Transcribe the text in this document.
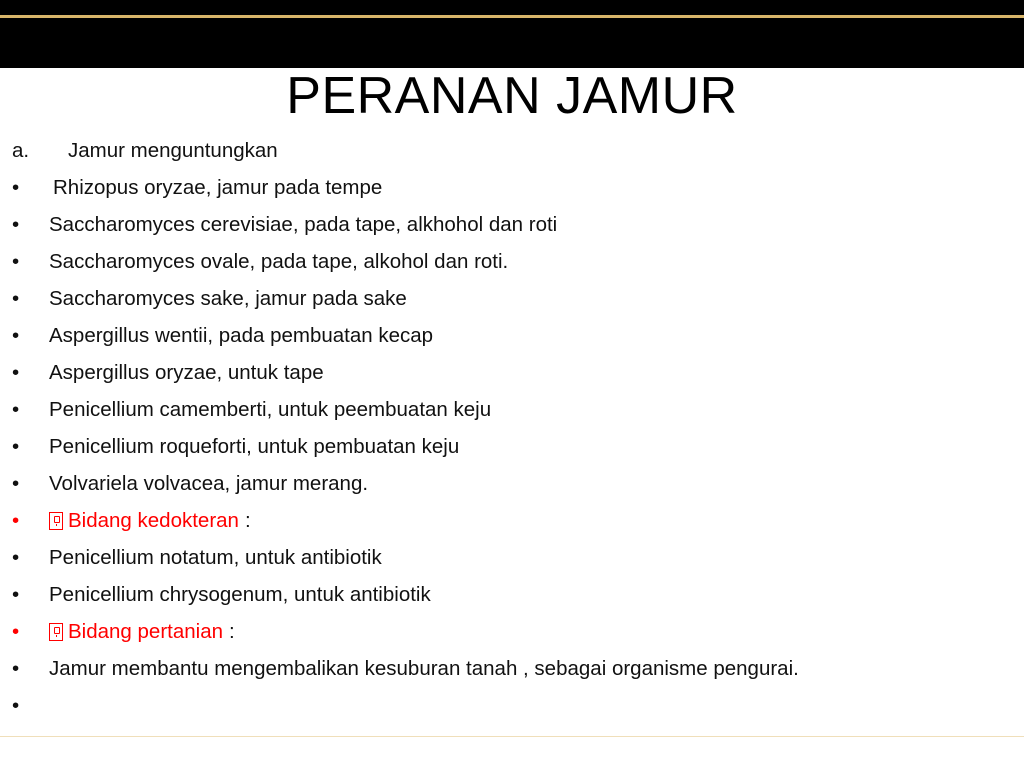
PERANAN JAMUR
a.	Jamur menguntungkan
•	Rhizopus oryzae, jamur pada tempe
•	Saccharomyces cerevisiae, pada tape, alkhohol dan roti
•	Saccharomyces ovale, pada tape, alkohol dan roti.
•	Saccharomyces sake, jamur pada sake
•	Aspergillus wentii, pada pembuatan kecap
•	Aspergillus oryzae, untuk tape
•	Penicellium camemberti, untuk peembuatan keju
•	Penicellium roqueforti, untuk pembuatan keju
•	Volvariela volvacea, jamur merang.
•	Bidang kedokteran :
•	Penicellium notatum, untuk antibiotik
•	Penicellium chrysogenum, untuk antibiotik
•	Bidang pertanian :
•	Jamur membantu mengembalikan kesuburan tanah , sebagai organisme pengurai.
•
